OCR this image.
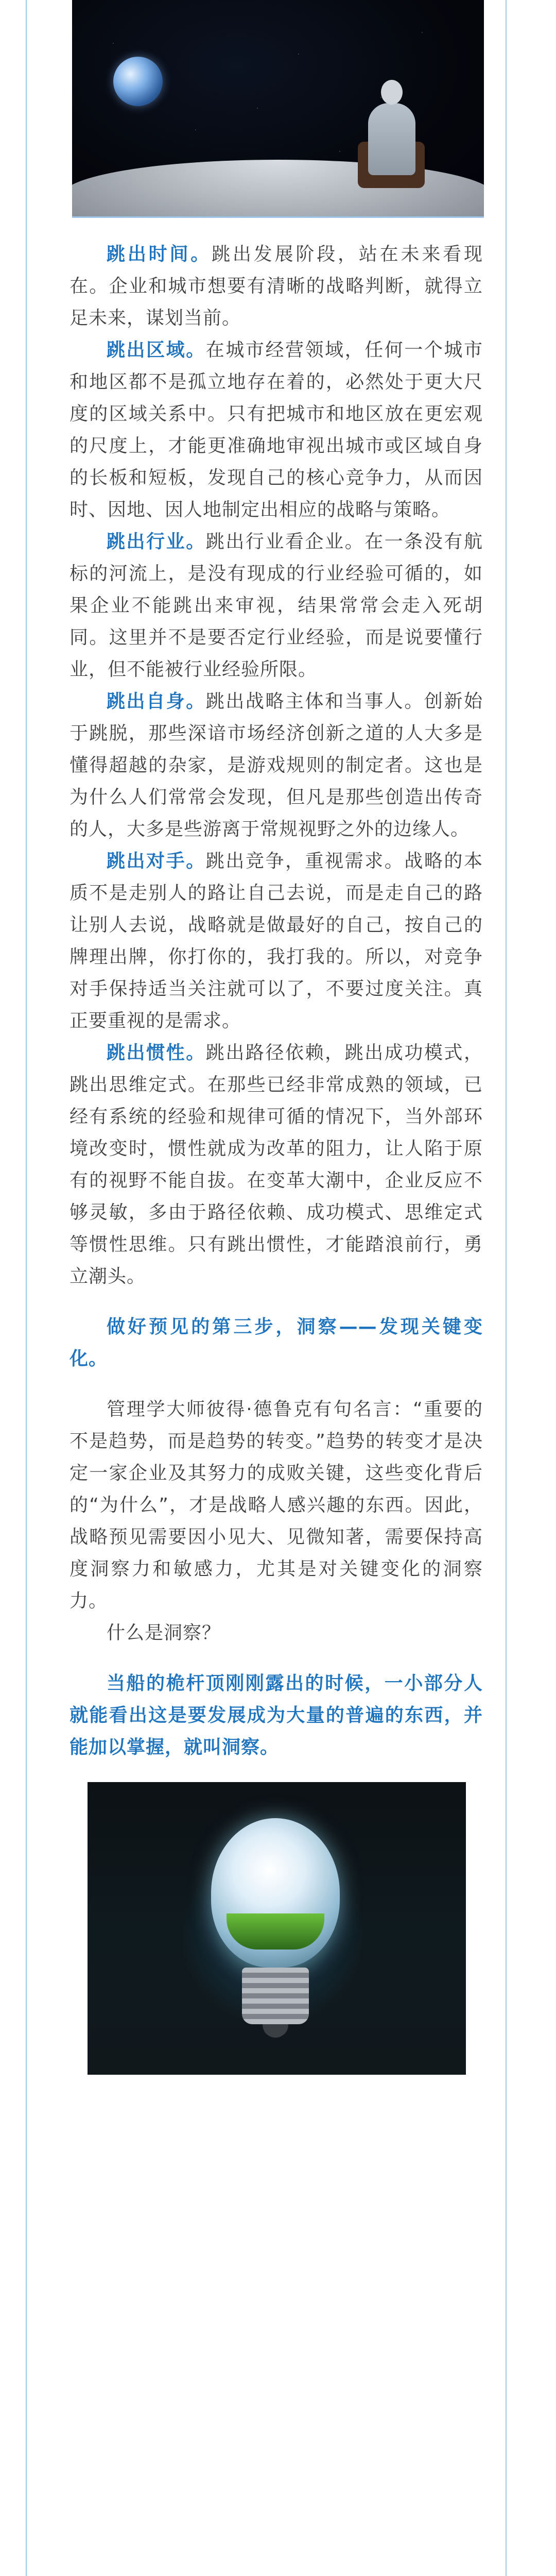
跳出时间。跳出发展阶段，站在未来看现在。企业和城市想要有清晰的战略判断，就得立足未来，谋划当前。

跳出区域。在城市经营领域，任何一个城市和地区都不是孤立地存在着的，必然处于更大尺度的区域关系中。只有把城市和地区放在更宏观的尺度上，才能更准确地审视出城市或区域自身的长板和短板，发现自己的核心竞争力，从而因时、因地、因人地制定出相应的战略与策略。

跳出行业。跳出行业看企业。在一条没有航标的河流上，是没有现成的行业经验可循的，如果企业不能跳出来审视，结果常常会走入死胡同。这里并不是要否定行业经验，而是说要懂行业，但不能被行业经验所限。

跳出自身。跳出战略主体和当事人。创新始于跳脱，那些深谙市场经济创新之道的人大多是懂得超越的杂家，是游戏规则的制定者。这也是为什么人们常常会发现，但凡是那些创造出传奇的人，大多是些游离于常规视野之外的边缘人。

跳出对手。跳出竞争，重视需求。战略的本质不是走别人的路让自己去说，而是走自己的路让别人去说，战略就是做最好的自己，按自己的牌理出牌，你打你的，我打我的。所以，对竞争对手保持适当关注就可以了，不要过度关注。真正要重视的是需求。

跳出惯性。跳出路径依赖，跳出成功模式，跳出思维定式。在那些已经非常成熟的领域，已经有系统的经验和规律可循的情况下，当外部环境改变时，惯性就成为改革的阻力，让人陷于原有的视野不能自拔。在变革大潮中，企业反应不够灵敏，多由于路径依赖、成功模式、思维定式等惯性思维。只有跳出惯性，才能踏浪前行，勇立潮头。

做好预见的第三步，洞察——发现关键变化。

管理学大师彼得·德鲁克有句名言：“重要的不是趋势，而是趋势的转变。”趋势的转变才是决定一家企业及其努力的成败关键，这些变化背后的“为什么”，才是战略人感兴趣的东西。因此，战略预见需要因小见大、见微知著，需要保持高度洞察力和敏感力，尤其是对关键变化的洞察力。

什么是洞察？

当船的桅杆顶刚刚露出的时候，一小部分人就能看出这是要发展成为大量的普遍的东西，并能加以掌握，就叫洞察。
